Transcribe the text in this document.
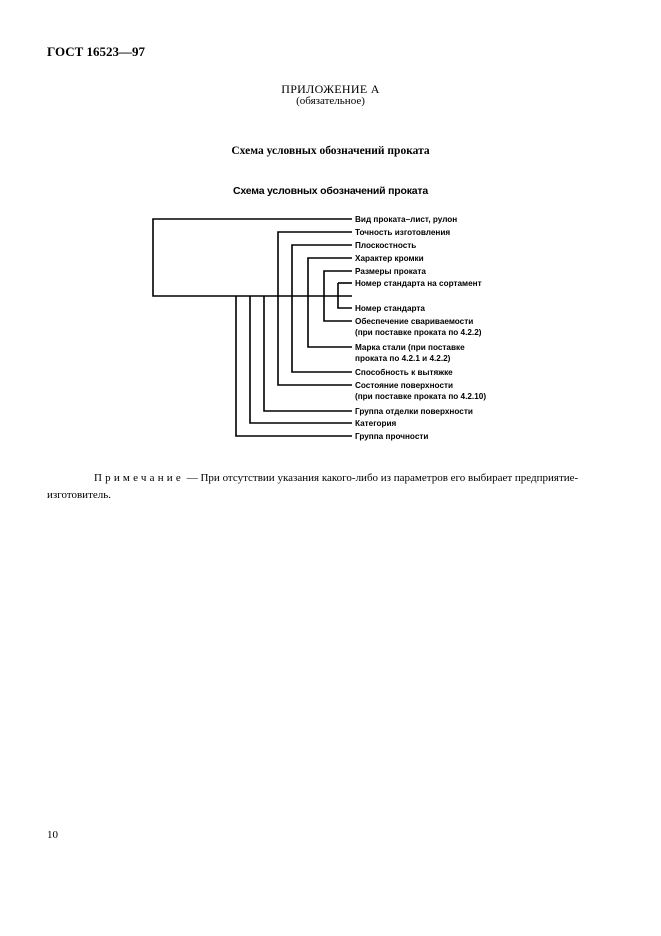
ГОСТ 16523—97
ПРИЛОЖЕНИЕ А
(обязательное)
Схема условных обозначений проката
Схема условных обозначений проката
Вид проката–лист, рулон
Точность изготовления
Плоскостность
Характер кромки
Размеры проката
Номер стандарта на сортамент
Номер стандарта
Обеспечение свариваемости
(при поставке проката по 4.2.2)
Марка стали (при поставке
проката по 4.2.1 и 4.2.2)
Способность к вытяжке
Состояние поверхности
(при поставке проката по 4.2.10)
Группа отделки поверхности
Категория
Группа прочности
Примечание — При отсутствии указания какого-либо из параметров его выбирает предприятие-изготовитель.
10
